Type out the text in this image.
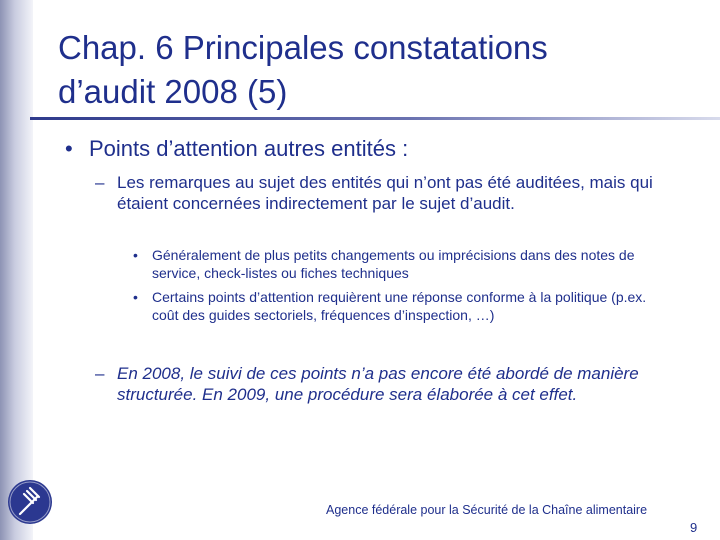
Chap. 6 Principales constatations
d’audit 2008 (5)
• Points d’attention autres entités :
– Les remarques au sujet des entités qui n’ont pas été auditées, mais qui étaient concernées indirectement par le sujet d’audit.
• Généralement de plus petits changements ou imprécisions dans des notes de service, check-listes ou fiches techniques
• Certains points d’attention requièrent une réponse conforme à la politique (p.ex. coût des guides sectoriels, fréquences d’inspection, …)
– En 2008, le suivi de ces points n’a pas encore été abordé de manière structurée. En 2009, une procédure sera élaborée à cet effet.
Agence fédérale pour la Sécurité de la Chaîne alimentaire
9
